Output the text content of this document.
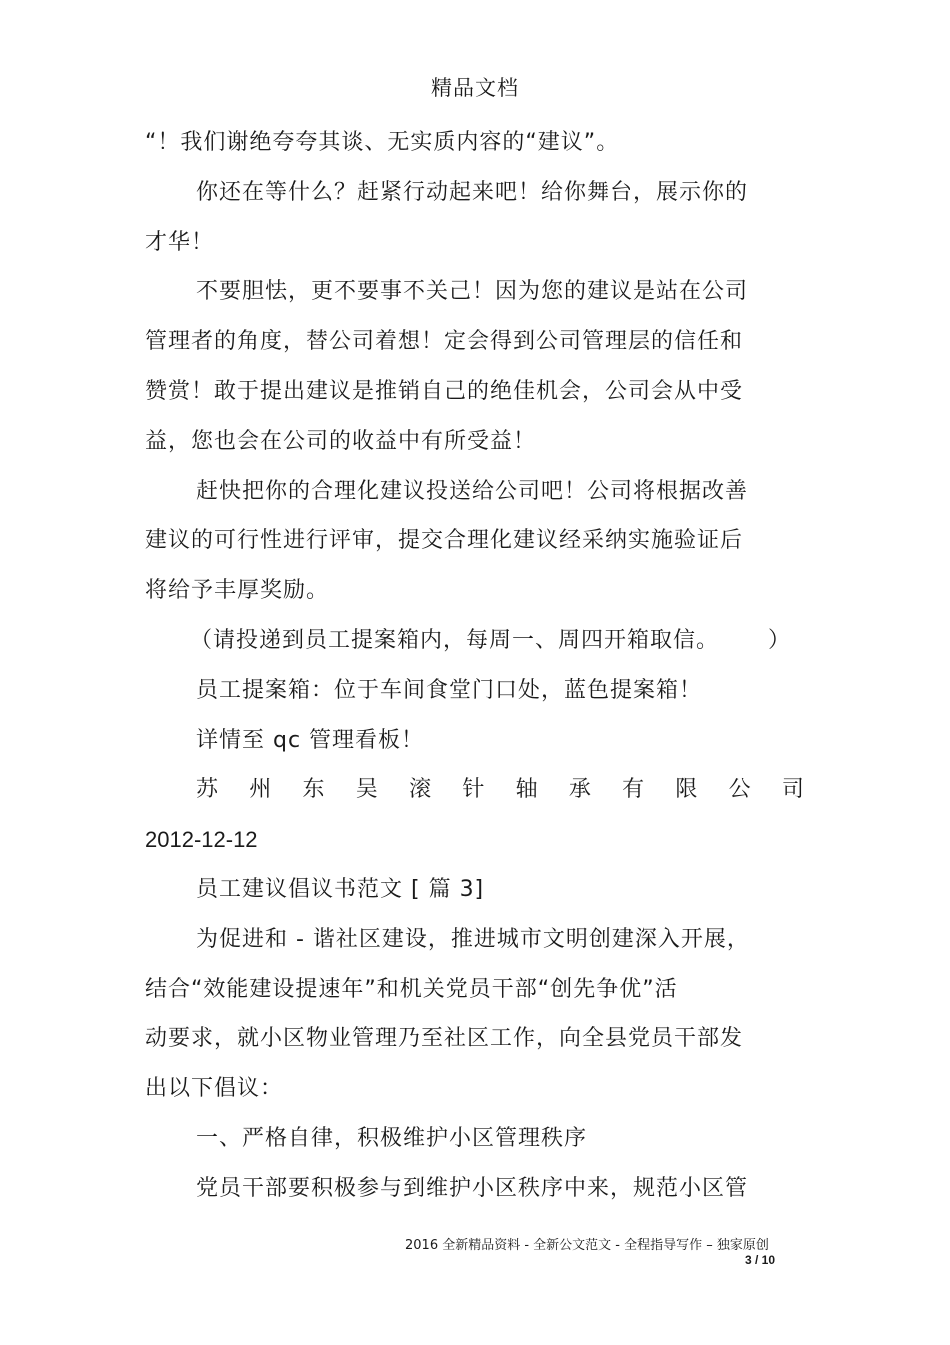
精品文档
“！我们谢绝夸夸其谈、无实质内容的“建议”。
你还在等什么？赶紧行动起来吧！给你舞台，展示你的
才华！
不要胆怯，更不要事不关己！因为您的建议是站在公司
管理者的角度，替公司着想！定会得到公司管理层的信任和
赞赏！敢于提出建议是推销自己的绝佳机会，公司会从中受
益，您也会在公司的收益中有所受益！
赶快把你的合理化建议投送给公司吧！公司将根据改善
建议的可行性进行评审，提交合理化建议经采纳实施验证后
将给予丰厚奖励。
（请投递到员工提案箱内，每周一、周四开箱取信。 ）
员工提案箱：位于车间食堂门口处，蓝色提案箱！
详情至 qc 管理看板！
苏 州 东 吴 滚 针 轴 承 有 限 公 司
2012-12-12
员工建议倡议书范文 [ 篇 3]
为促进和 - 谐社区建设，推进城市文明创建深入开展，
结合“效能建设提速年”和机关党员干部“创先争优”活
动要求，就小区物业管理乃至社区工作，向全县党员干部发
出以下倡议：
一、严格自律，积极维护小区管理秩序
党员干部要积极参与到维护小区秩序中来，规范小区管
2016 全新精品资料 - 全新公文范文 - 全程指导写作 – 独家原创
3 / 10
